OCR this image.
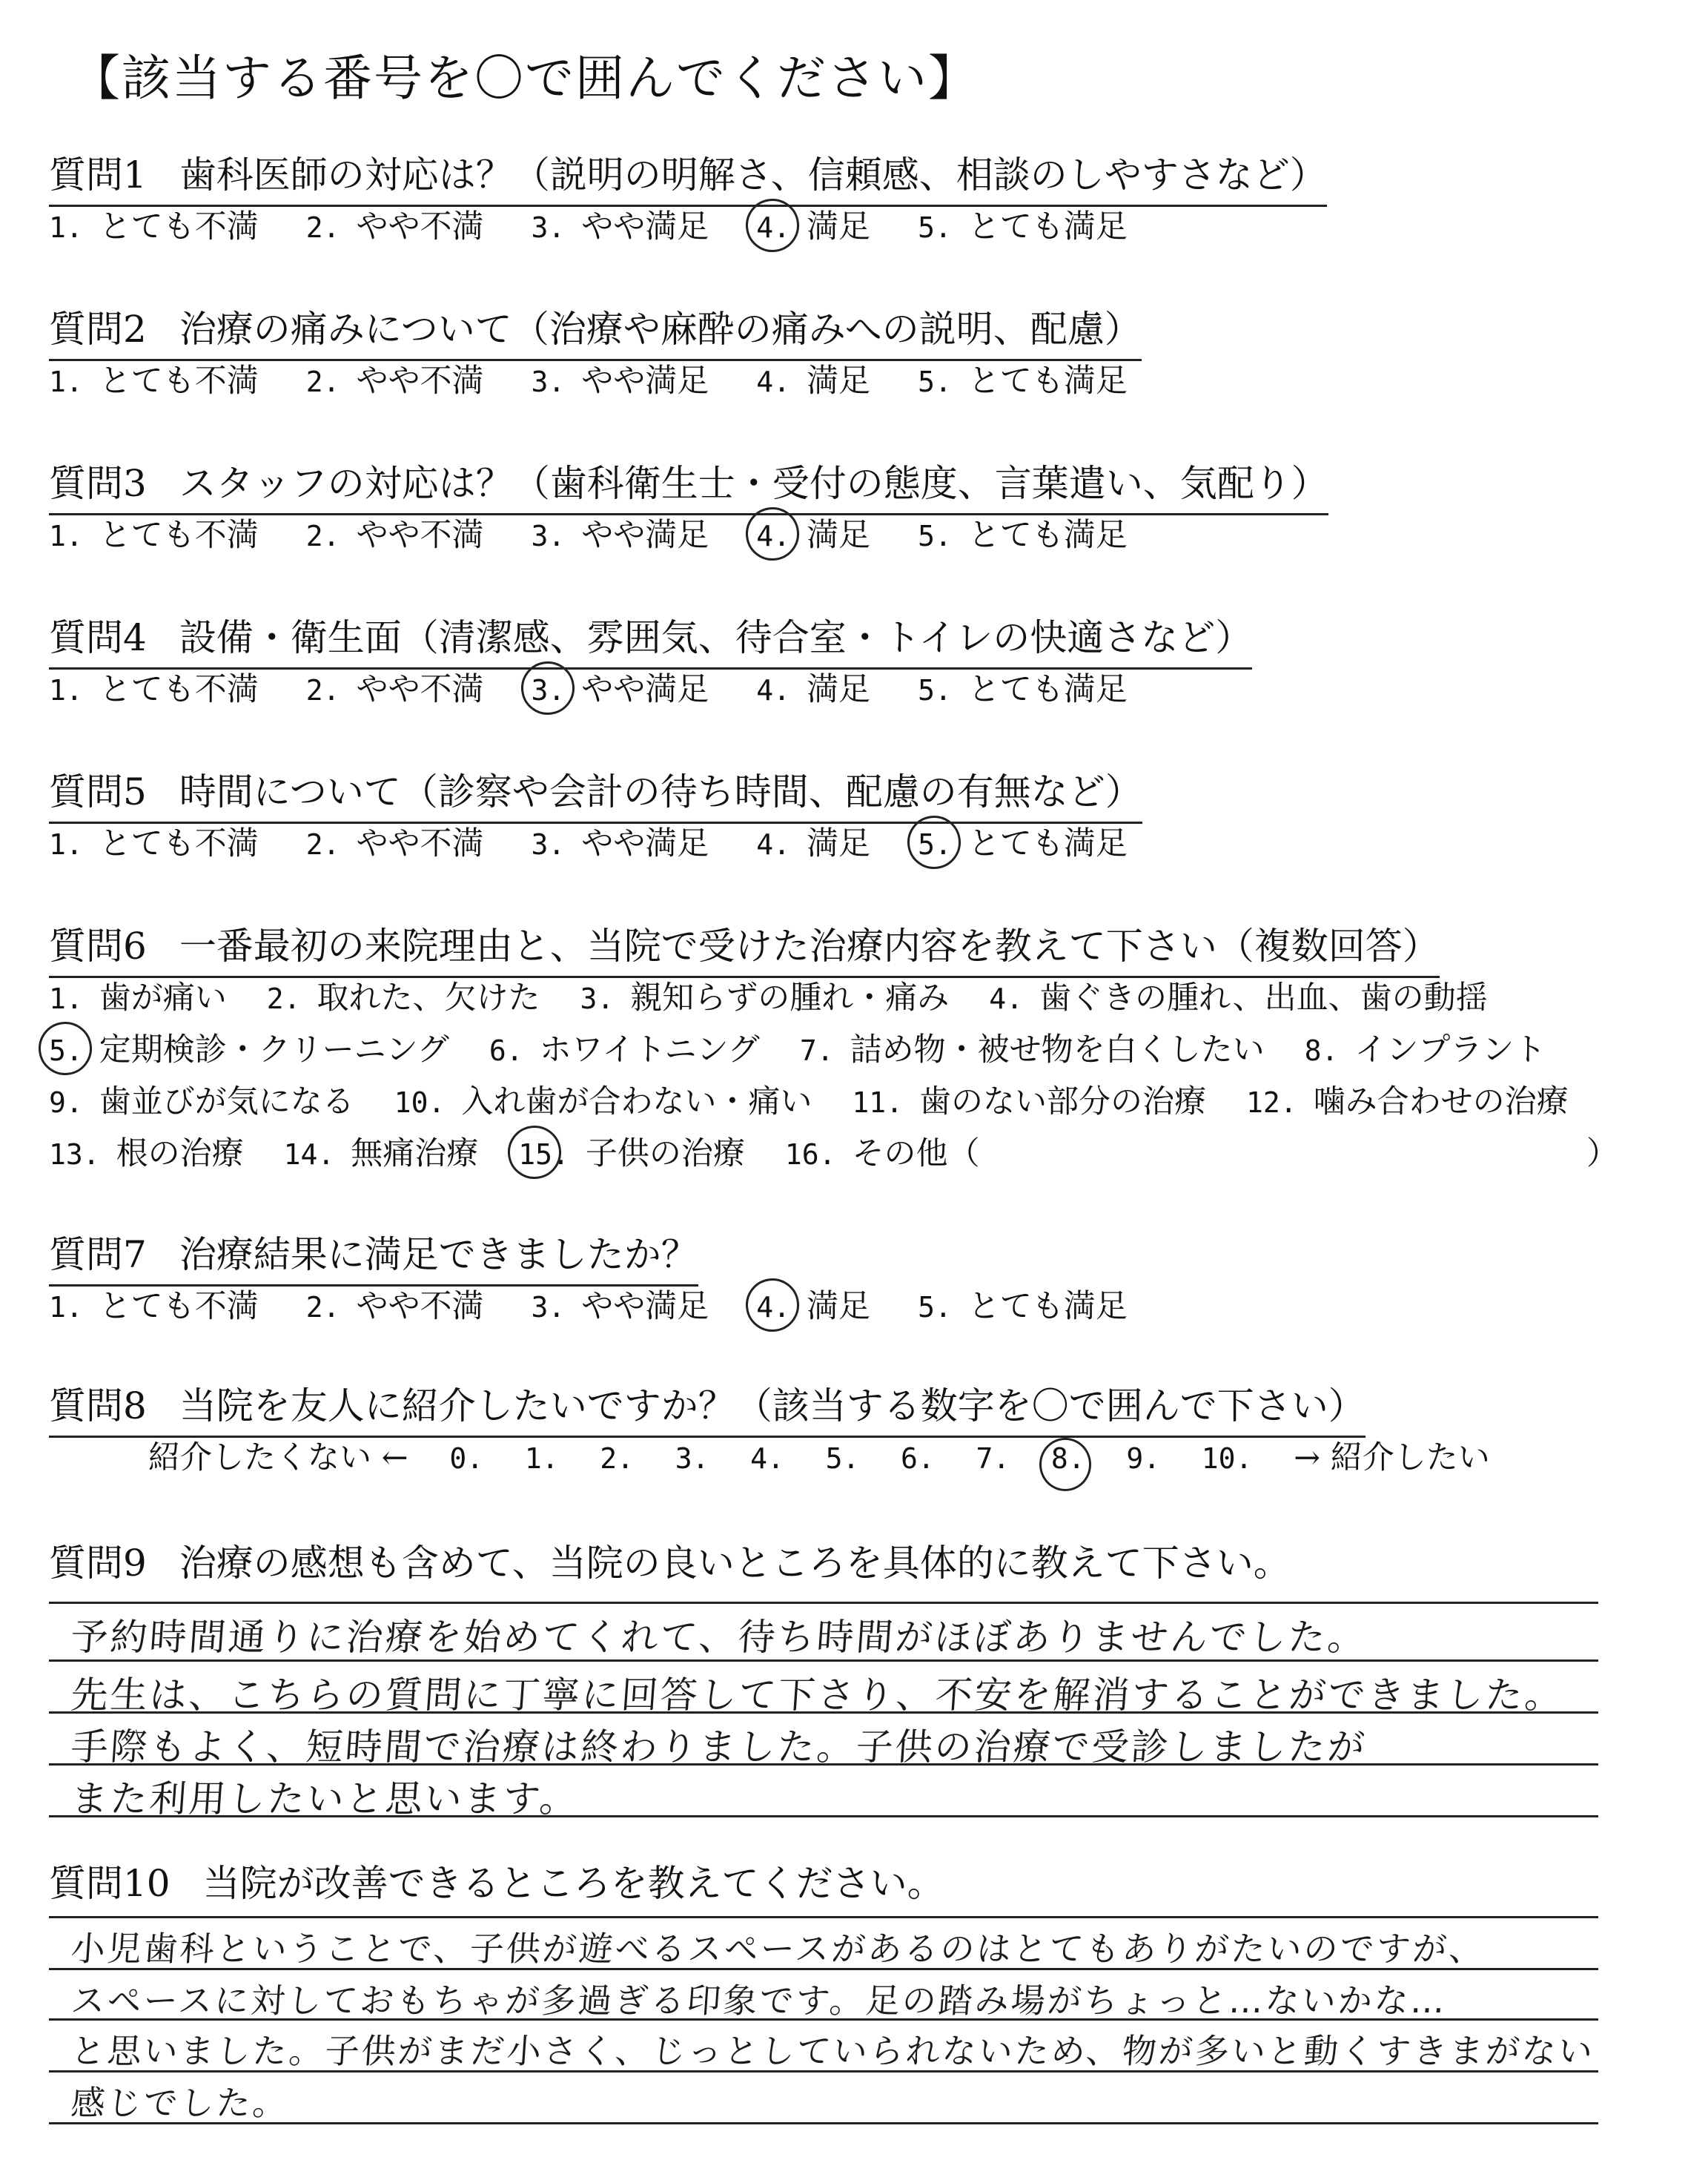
【該当する番号を〇で囲んでください】
質問1 歯科医師の対応は？（説明の明解さ、信頼感、相談のしやすさなど）
1. とても不満 2. やや不満 3. やや満足 4. 満足 5. とても満足
質問2 治療の痛みについて（治療や麻酔の痛みへの説明、配慮）
1. とても不満 2. やや不満 3. やや満足 4. 満足 5. とても満足
質問3 スタッフの対応は？（歯科衛生士・受付の態度、言葉遣い、気配り）
1. とても不満 2. やや不満 3. やや満足 4. 満足 5. とても満足
質問4 設備・衛生面（清潔感、雰囲気、待合室・トイレの快適さなど）
1. とても不満 2. やや不満 3. やや満足 4. 満足 5. とても満足
質問5 時間について（診察や会計の待ち時間、配慮の有無など）
1. とても不満 2. やや不満 3. やや満足 4. 満足 5. とても満足
質問6 一番最初の来院理由と、当院で受けた治療内容を教えて下さい（複数回答）
1. 歯が痛い 2. 取れた、欠けた 3. 親知らずの腫れ・痛み 4. 歯ぐきの腫れ、出血、歯の動揺
5. 定期検診・クリーニング 6. ホワイトニング 7. 詰め物・被せ物を白くしたい 8. インプラント
9. 歯並びが気になる 10. 入れ歯が合わない・痛い 11. 歯のない部分の治療 12. 噛み合わせの治療
13. 根の治療 14. 無痛治療 15. 子供の治療 16. その他（	）
質問7 治療結果に満足できましたか？
1. とても不満 2. やや不満 3. やや満足 4. 満足 5. とても満足
質問8 当院を友人に紹介したいですか？（該当する数字を〇で囲んで下さい）
紹介したくない ← 0. 1. 2. 3. 4. 5. 6. 7. 8. 9. 10. → 紹介したい
質問9 治療の感想も含めて、当院の良いところを具体的に教えて下さい。
予約時間通りに治療を始めてくれて、待ち時間がほぼありませんでした。
先生は、こちらの質問に丁寧に回答して下さり、不安を解消することができました。
手際もよく、短時間で治療は終わりました。子供の治療で受診しましたが
また利用したいと思います。
質問10 当院が改善できるところを教えてください。
小児歯科ということで、子供が遊べるスペースがあるのはとてもありがたいのですが、
スペースに対しておもちゃが多過ぎる印象です。足の踏み場がちょっと…ないかな…
と思いました。子供がまだ小さく、じっとしていられないため、物が多いと動くすきまがない
感じでした。
